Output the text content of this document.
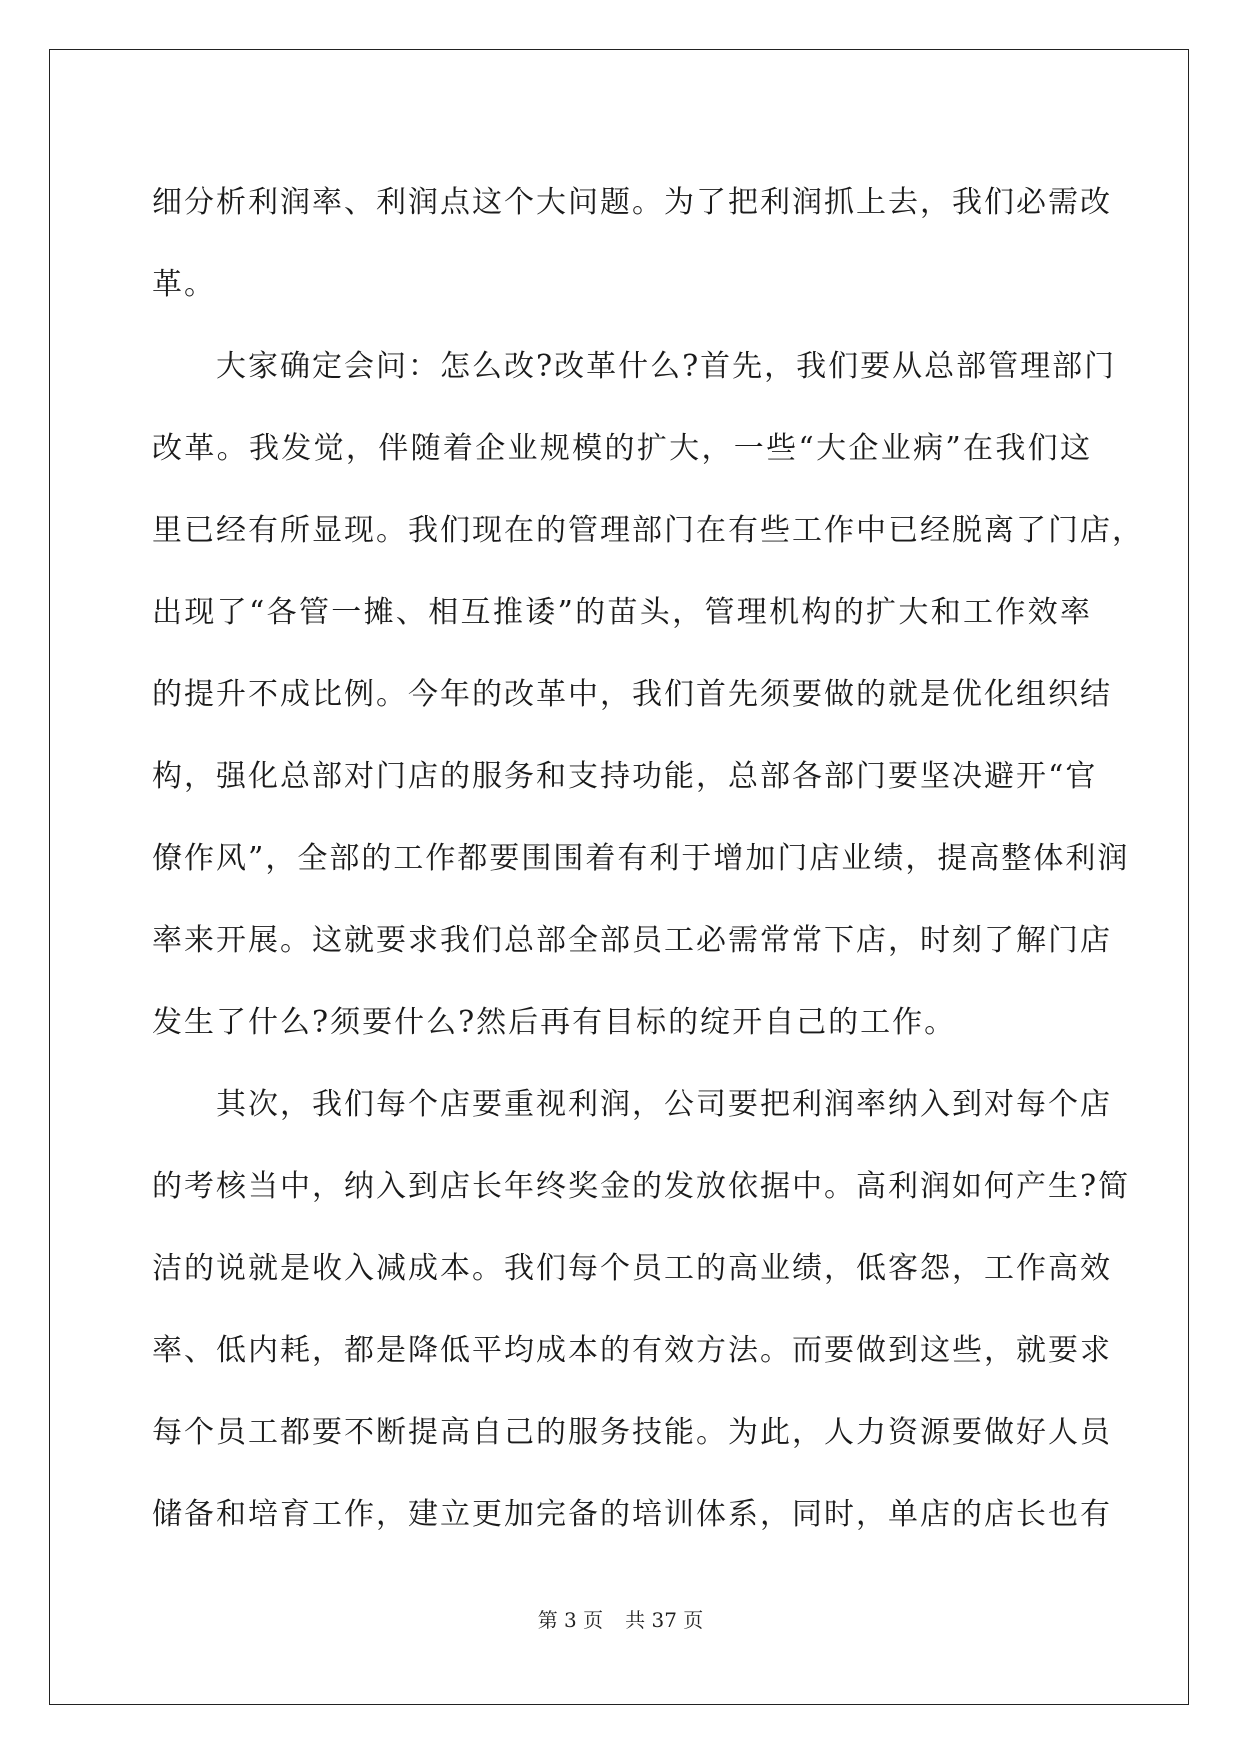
细分析利润率、利润点这个大问题。为了把利润抓上去，我们必需改
革。
大家确定会问：怎么改?改革什么?首先，我们要从总部管理部门
改革。我发觉，伴随着企业规模的扩大，一些“大企业病”在我们这
里已经有所显现。我们现在的管理部门在有些工作中已经脱离了门店，
出现了“各管一摊、相互推诿”的苗头，管理机构的扩大和工作效率
的提升不成比例。今年的改革中，我们首先须要做的就是优化组织结
构，强化总部对门店的服务和支持功能，总部各部门要坚决避开“官
僚作风”，全部的工作都要围围着有利于增加门店业绩，提高整体利润
率来开展。这就要求我们总部全部员工必需常常下店，时刻了解门店
发生了什么?须要什么?然后再有目标的绽开自己的工作。
其次，我们每个店要重视利润，公司要把利润率纳入到对每个店
的考核当中，纳入到店长年终奖金的发放依据中。高利润如何产生?简
洁的说就是收入减成本。我们每个员工的高业绩，低客怨，工作高效
率、低内耗，都是降低平均成本的有效方法。而要做到这些，就要求
每个员工都要不断提高自己的服务技能。为此，人力资源要做好人员
储备和培育工作，建立更加完备的培训体系，同时，单店的店长也有
第 3 页 共 37 页
